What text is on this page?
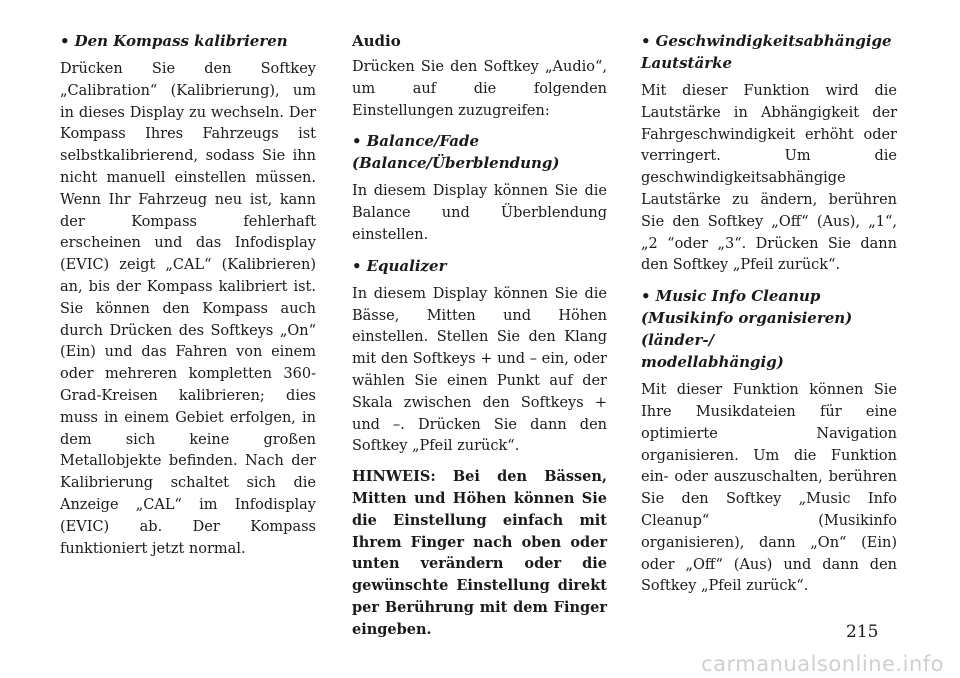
• Den Kompass kalibrieren

Drücken Sie den Softkey „Calibration“ (Kalibrierung), um in dieses Display zu wechseln. Der Kompass Ihres Fahrzeugs ist selbstkalibrierend, sodass Sie ihn nicht manuell einstellen müssen. Wenn Ihr Fahrzeug neu ist, kann der Kompass fehlerhaft erscheinen und das Infodisplay (EVIC) zeigt „CAL“ (Kalibrieren) an, bis der Kompass kalibriert ist. Sie können den Kompass auch durch Drücken des Softkeys „On“ (Ein) und das Fahren von einem oder mehreren kompletten 360-Grad-Kreisen kalibrieren; dies muss in einem Gebiet erfolgen, in dem sich keine großen Metallobjekte befinden. Nach der Kalibrierung schaltet sich die Anzeige „CAL“ im Infodisplay (EVIC) ab. Der Kompass funktioniert jetzt normal.

Audio

Drücken Sie den Softkey „Audio“, um auf die folgenden Einstellungen zuzugreifen:

• Balance/Fade
(Balance/Überblendung)

In diesem Display können Sie die Balance und Überblendung einstellen.

• Equalizer

In diesem Display können Sie die Bässe, Mitten und Höhen einstellen. Stellen Sie den Klang mit den Softkeys + und – ein, oder wählen Sie einen Punkt auf der Skala zwischen den Softkeys + und –. Drücken Sie dann den Softkey „Pfeil zurück“.

HINWEIS: Bei den Bässen, Mitten und Höhen können Sie die Einstellung einfach mit Ihrem Finger nach oben oder unten verändern oder die gewünschte Einstellung direkt per Berührung mit dem Finger eingeben.

• Geschwindigkeitsabhängige
Lautstärke

Mit dieser Funktion wird die Lautstärke in Abhängigkeit der Fahrgeschwindigkeit erhöht oder verringert. Um die geschwindigkeitsabhängige Lautstärke zu ändern, berühren Sie den Softkey „Off“ (Aus), „1“, „2 “oder „3“. Drücken Sie dann den Softkey „Pfeil zurück“.

• Music Info Cleanup
(Musikinfo organisieren) (länder-/
modellabhängig)

Mit dieser Funktion können Sie Ihre Musikdateien für eine optimierte Navigation organisieren. Um die Funktion ein- oder auszuschalten, berühren Sie den Softkey „Music Info Cleanup“ (Musikinfo organisieren), dann „On“ (Ein) oder „Off“ (Aus) und dann den Softkey „Pfeil zurück“.

215
carmanualsonline.info
